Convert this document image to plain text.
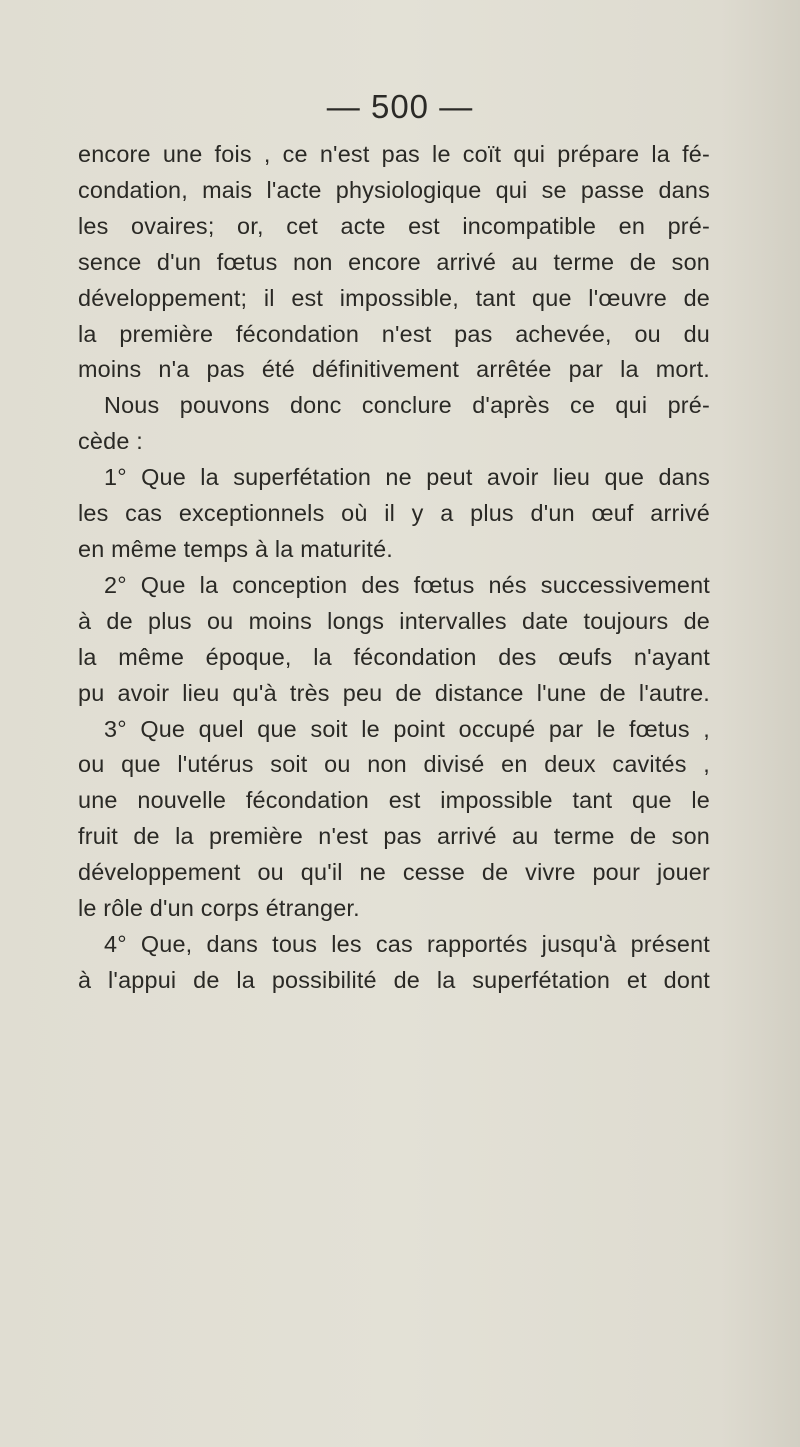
— 500 —
encore une fois , ce n'est pas le coït qui prépare la fé-
condation, mais l'acte physiologique qui se passe dans
les ovaires; or, cet acte est incompatible en pré-
sence d'un fœtus non encore arrivé au terme de son
développement; il est impossible, tant que l'œuvre de
la première fécondation n'est pas achevée, ou du
moins n'a pas été définitivement arrêtée par la mort.
Nous pouvons donc conclure d'après ce qui pré-
cède :
1° Que la superfétation ne peut avoir lieu que dans
les cas exceptionnels où il y a plus d'un œuf arrivé
en même temps à la maturité.
2° Que la conception des fœtus nés successivement
à de plus ou moins longs intervalles date toujours de
la même époque, la fécondation des œufs n'ayant
pu avoir lieu qu'à très peu de distance l'une de l'autre.
3° Que quel que soit le point occupé par le fœtus ,
ou que l'utérus soit ou non divisé en deux cavités ,
une nouvelle fécondation est impossible tant que le
fruit de la première n'est pas arrivé au terme de son
développement ou qu'il ne cesse de vivre pour jouer
le rôle d'un corps étranger.
4° Que, dans tous les cas rapportés jusqu'à présent
à l'appui de la possibilité de la superfétation et dont
